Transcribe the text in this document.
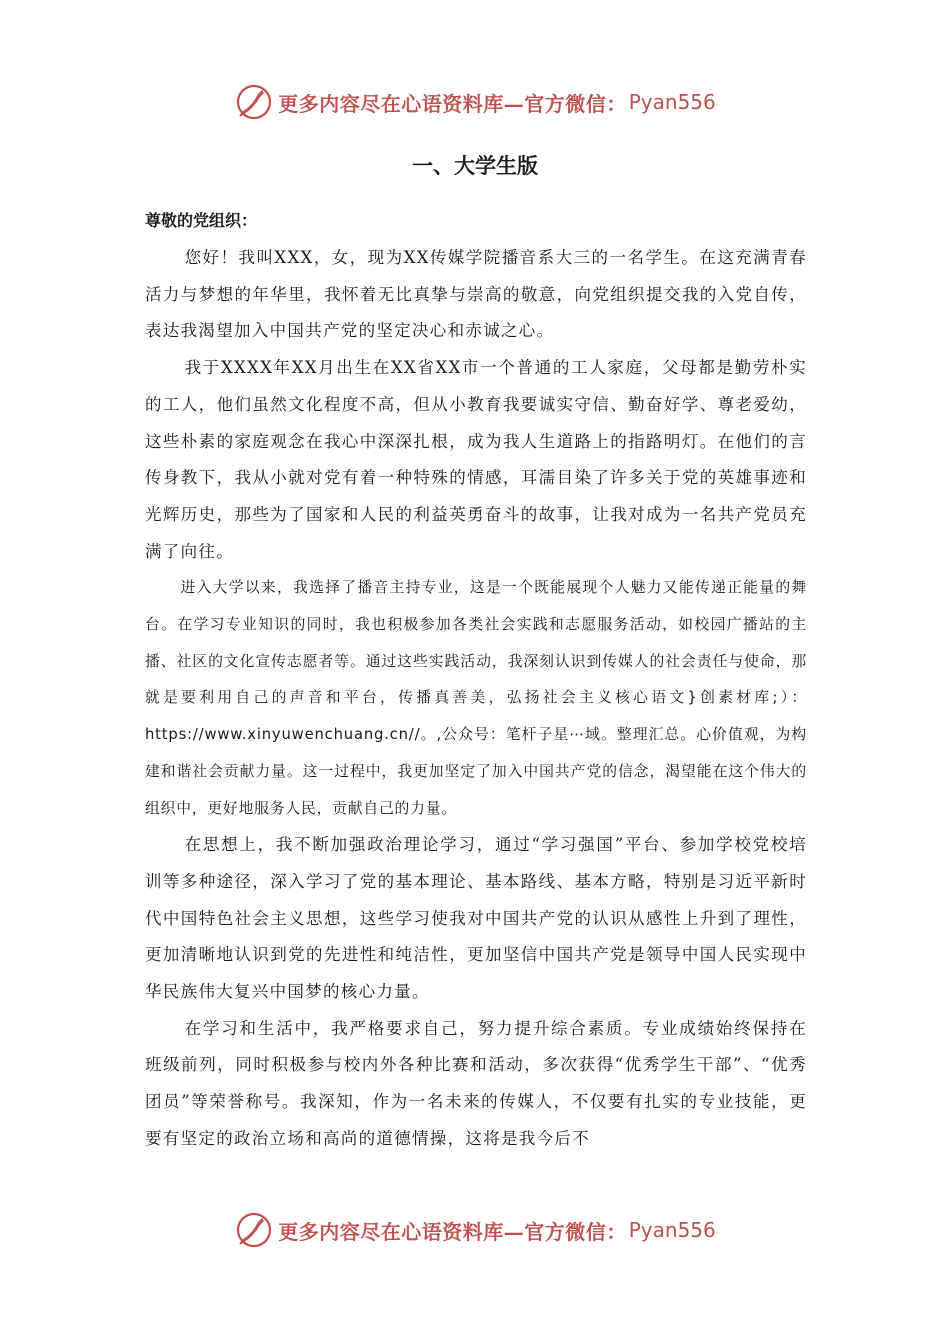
更多内容尽在心语资料库—官方微信： Pyan556
一、大学生版
尊敬的党组织：

您好！我叫XXX，女，现为XX传媒学院播音系大三的一名学生。在这充满青春活力与梦想的年华里，我怀着无比真挚与崇高的敬意，向党组织提交我的入党自传，表达我渴望加入中国共产党的坚定决心和赤诚之心。

我于XXXX年XX月出生在XX省XX市一个普通的工人家庭，父母都是勤劳朴实的工人，他们虽然文化程度不高，但从小教育我要诚实守信、勤奋好学、尊老爱幼，这些朴素的家庭观念在我心中深深扎根，成为我人生道路上的指路明灯。在他们的言传身教下，我从小就对党有着一种特殊的情感，耳濡目染了许多关于党的英雄事迹和光辉历史，那些为了国家和人民的利益英勇奋斗的故事，让我对成为一名共产党员充满了向往。

进入大学以来，我选择了播音主持专业，这是一个既能展现个人魅力又能传递正能量的舞台。在学习专业知识的同时，我也积极参加各类社会实践和志愿服务活动，如校园广播站的主播、社区的文化宣传志愿者等。通过这些实践活动，我深刻认识到传媒人的社会责任与使命，那就是要利用自己的声音和平台，传播真善美，弘扬社会主义核心语文}创素材库;）：https://www.xinyuwenchuang.cn//。,公众号：笔杆子星⋯域。整理汇总。心价值观，为构建和谐社会贡献力量。这一过程中，我更加坚定了加入中国共产党的信念，渴望能在这个伟大的组织中，更好地服务人民，贡献自己的力量。

在思想上，我不断加强政治理论学习，通过“学习强国”平台、参加学校党校培训等多种途径，深入学习了党的基本理论、基本路线、基本方略，特别是习近平新时代中国特色社会主义思想，这些学习使我对中国共产党的认识从感性上升到了理性，更加清晰地认识到党的先进性和纯洁性，更加坚信中国共产党是领导中国人民实现中华民族伟大复兴中国梦的核心力量。

在学习和生活中，我严格要求自己，努力提升综合素质。专业成绩始终保持在班级前列，同时积极参与校内外各种比赛和活动，多次获得“优秀学生干部”、“优秀团员”等荣誉称号。我深知，作为一名未来的传媒人，不仅要有扎实的专业技能，更要有坚定的政治立场和高尚的道德情操，这将是我今后不

更多内容尽在心语资料库—官方微信： Pyan556
